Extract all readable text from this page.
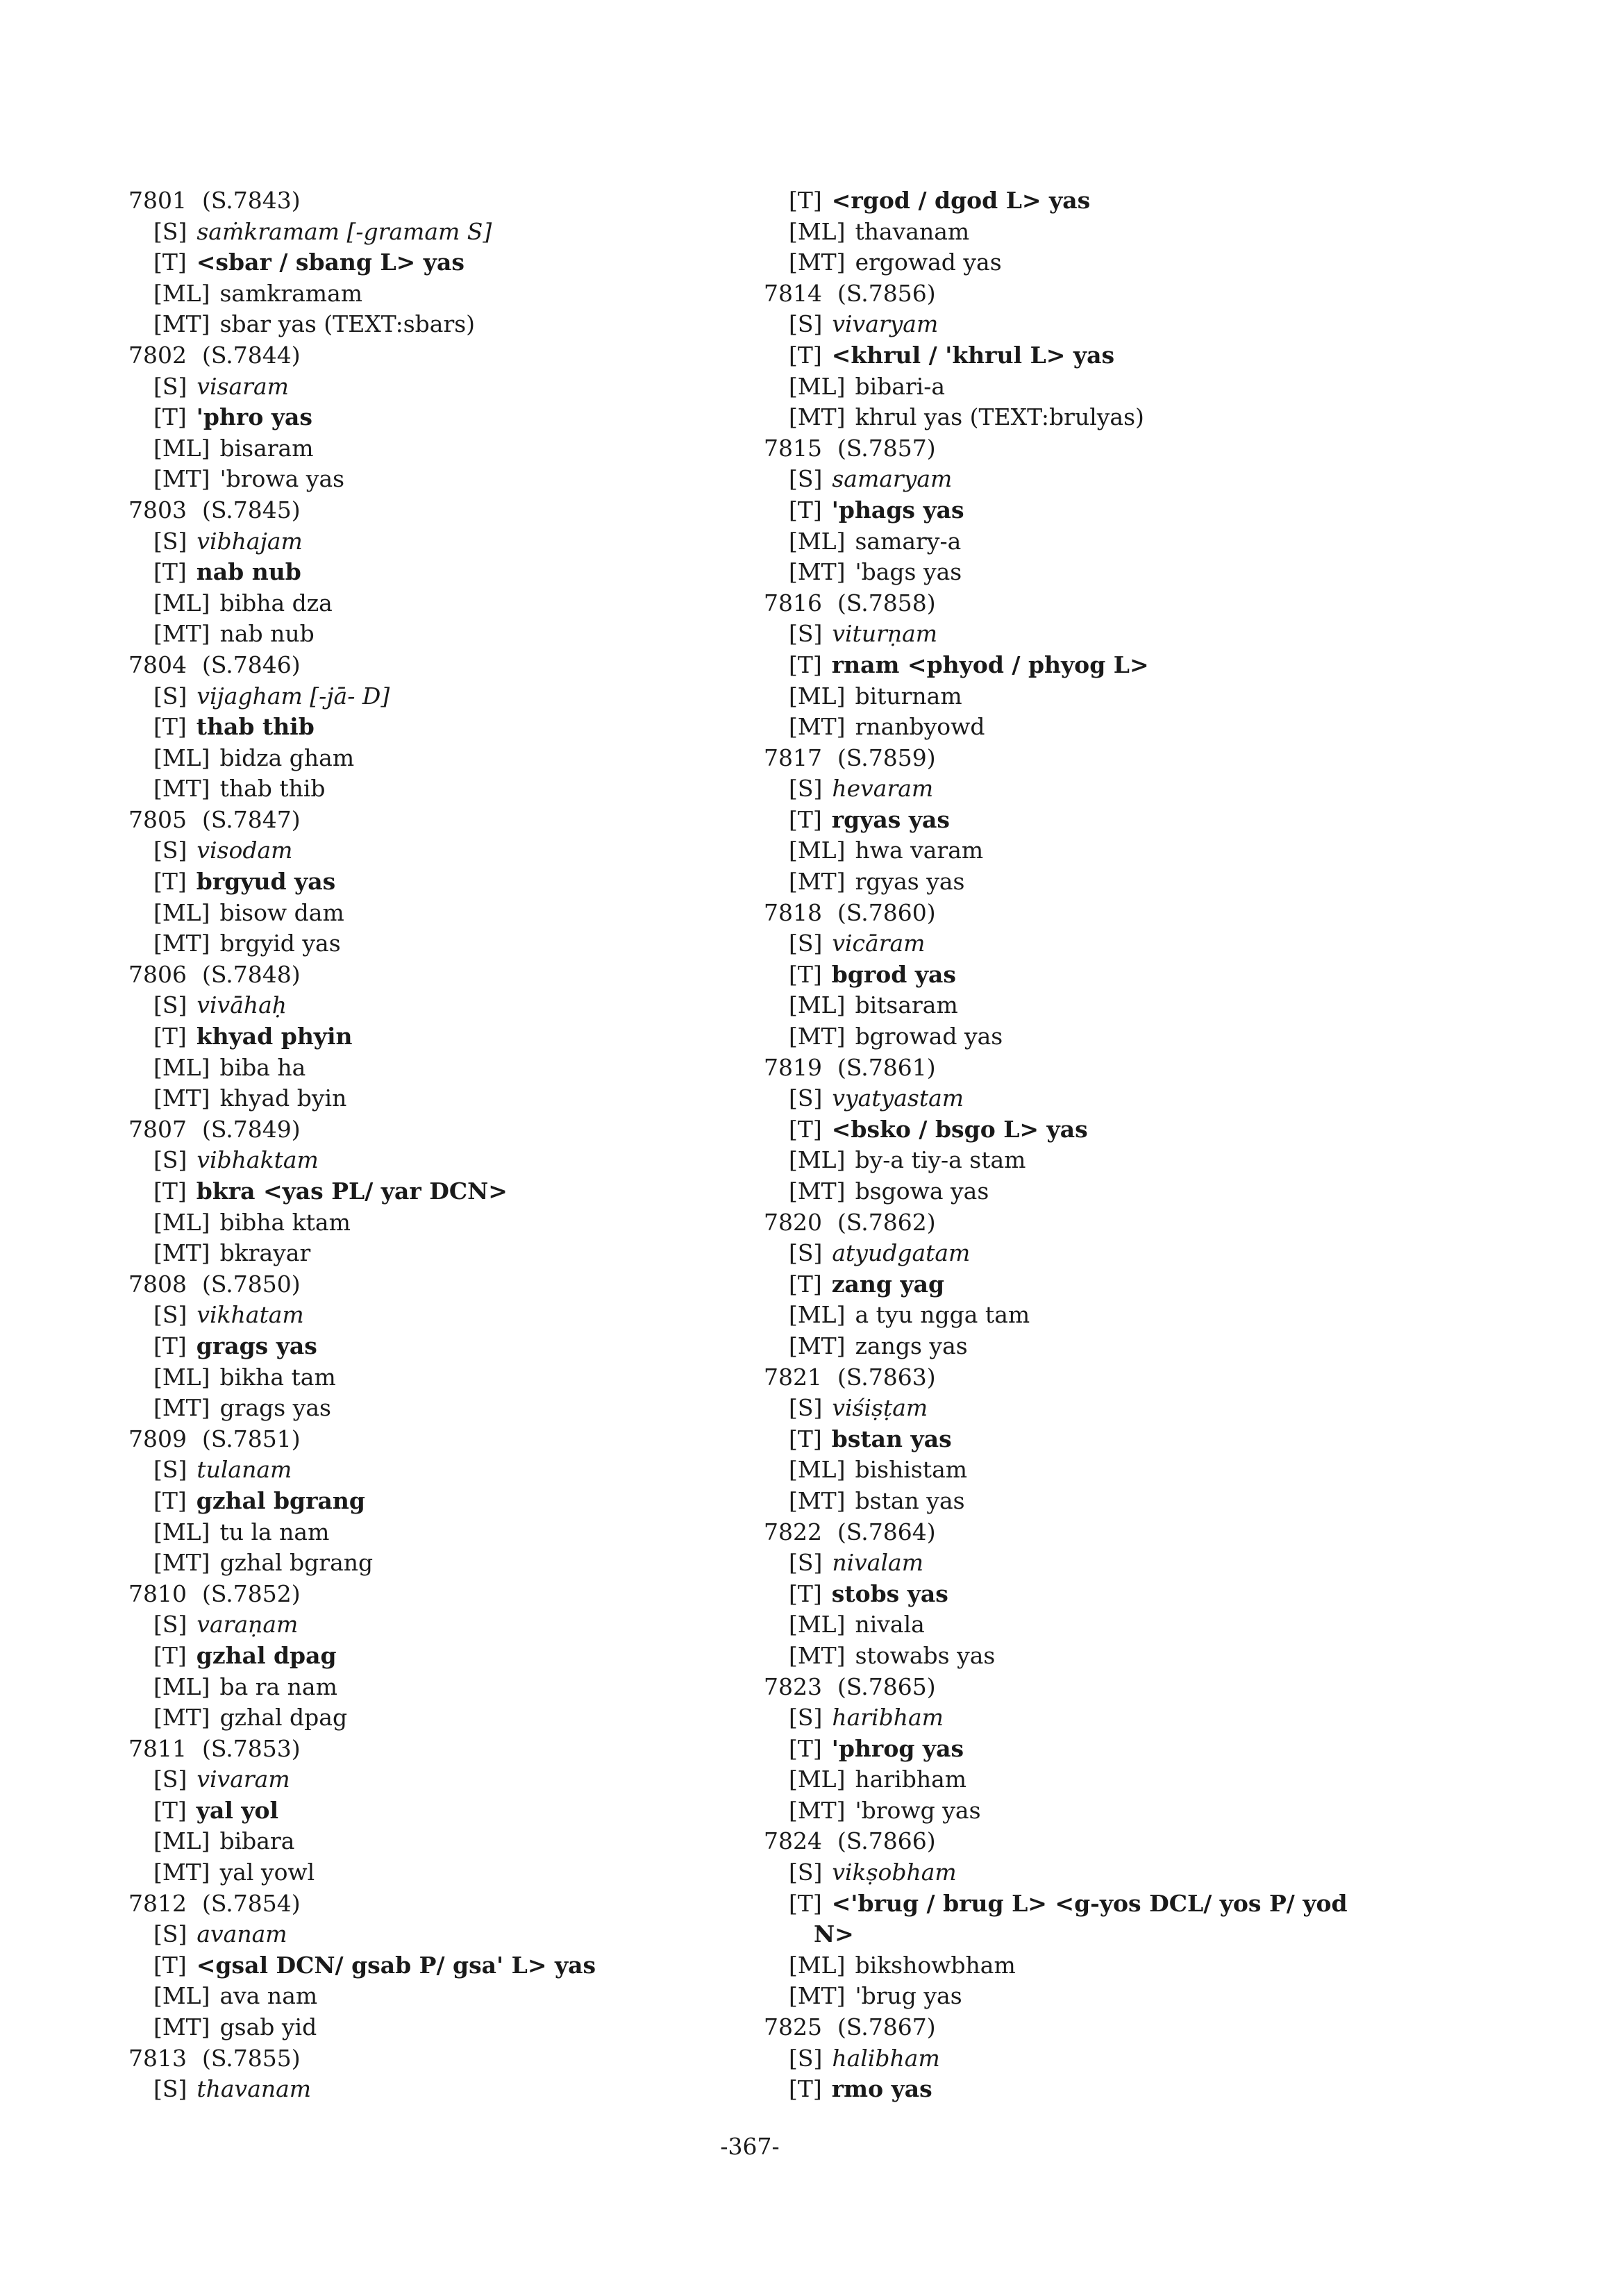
7801 (S.7843)
[S] saṁkramam [-gramam S]
[T] <sbar / sbang L> yas
[ML] samkramam
[MT] sbar yas (TEXT:sbars)
7802 (S.7844)
[S] visaram
[T] 'phro yas
[ML] bisaram
[MT] 'browa yas
7803 (S.7845)
[S] vibhajam
[T] nab nub
[ML] bibha dza
[MT] nab nub
7804 (S.7846)
[S] vijagham [-jā- D]
[T] thab thib
[ML] bidza gham
[MT] thab thib
7805 (S.7847)
[S] visodam
[T] brgyud yas
[ML] bisow dam
[MT] brgyid yas
7806 (S.7848)
[S] vivāhaḥ
[T] khyad phyin
[ML] biba ha
[MT] khyad byin
7807 (S.7849)
[S] vibhaktam
[T] bkra <yas PL/ yar DCN>
[ML] bibha ktam
[MT] bkrayar
7808 (S.7850)
[S] vikhatam
[T] grags yas
[ML] bikha tam
[MT] grags yas
7809 (S.7851)
[S] tulanam
[T] gzhal bgrang
[ML] tu la nam
[MT] gzhal bgrang
7810 (S.7852)
[S] varaṇam
[T] gzhal dpag
[ML] ba ra nam
[MT] gzhal dpag
7811 (S.7853)
[S] vivaram
[T] yal yol
[ML] bibara
[MT] yal yowl
7812 (S.7854)
[S] avanam
[T] <gsal DCN/ gsab P/ gsa' L> yas
[ML] ava nam
[MT] gsab yid
7813 (S.7855)
[S] thavanam
[T] <rgod / dgod L> yas
[ML] thavanam
[MT] ergowad yas
7814 (S.7856)
[S] vivaryam
[T] <khrul / 'khrul L> yas
[ML] bibari-a
[MT] khrul yas (TEXT:brulyas)
7815 (S.7857)
[S] samaryam
[T] 'phags yas
[ML] samary-a
[MT] 'bags yas
7816 (S.7858)
[S] viturṇam
[T] rnam <phyod / phyog L>
[ML] biturnam
[MT] rnanbyowd
7817 (S.7859)
[S] hevaram
[T] rgyas yas
[ML] hwa varam
[MT] rgyas yas
7818 (S.7860)
[S] vicāram
[T] bgrod yas
[ML] bitsaram
[MT] bgrowad yas
7819 (S.7861)
[S] vyatyastam
[T] <bsko / bsgo L> yas
[ML] by-a tiy-a stam
[MT] bsgowa yas
7820 (S.7862)
[S] atyudgatam
[T] zang yag
[ML] a tyu ngga tam
[MT] zangs yas
7821 (S.7863)
[S] viśiṣṭam
[T] bstan yas
[ML] bishistam
[MT] bstan yas
7822 (S.7864)
[S] nivalam
[T] stobs yas
[ML] nivala
[MT] stowabs yas
7823 (S.7865)
[S] haribham
[T] 'phrog yas
[ML] haribham
[MT] 'browg yas
7824 (S.7866)
[S] vikṣobham
[T] <'brug / brug L> <g-yos DCL/ yos P/ yod
N>
[ML] bikshowbham
[MT] 'brug yas
7825 (S.7867)
[S] halibham
[T] rmo yas
-367-
